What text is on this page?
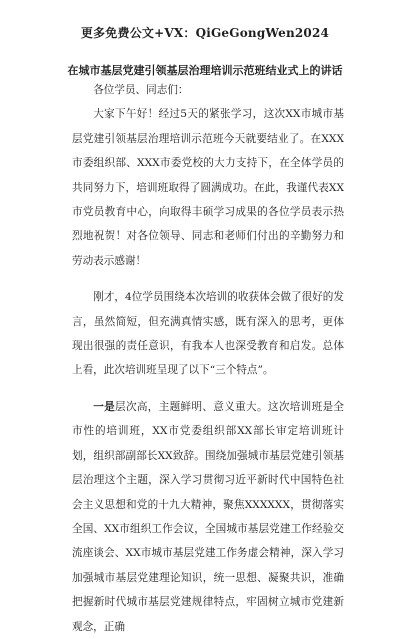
更多免费公文+VX：QiGeGongWen2024
在城市基层党建引领基层治理培训示范班结业式上的讲话

各位学员、同志们：

大家下午好！经过5天的紧张学习，这次XX市城市基层党建引领基层治理培训示范班今天就要结业了。在XXX市委组织部、XXX市委党校的大力支持下，在全体学员的共同努力下，培训班取得了圆满成功。在此，我谨代表XX市党员教育中心，向取得丰硕学习成果的各位学员表示热烈地祝贺！对各位领导、同志和老师们付出的辛勤努力和劳动表示感谢！

刚才，4位学员围绕本次培训的收获体会做了很好的发言，虽然简短，但充满真情实感，既有深入的思考，更体现出很强的责任意识，有我本人也深受教育和启发。总体上看，此次培训班呈现了以下“三个特点”。

一是层次高，主题鲜明、意义重大。这次培训班是全市性的培训班，XX市党委组织部XX部长审定培训班计划，组织部副部长XX致辞。围绕加强城市基层党建引领基层治理这个主题，深入学习贯彻习近平新时代中国特色社会主义思想和党的十九大精神，聚焦XXXXXX，贯彻落实全国、XX市组织工作会议，全国城市基层党建工作经验交流座谈会、XX市城市基层党建工作务虚会精神，深入学习加强城市基层党建理论知识，统一思想、凝聚共识，准确把握新时代城市基层党建规律特点，牢固树立城市党建新观念，正确
